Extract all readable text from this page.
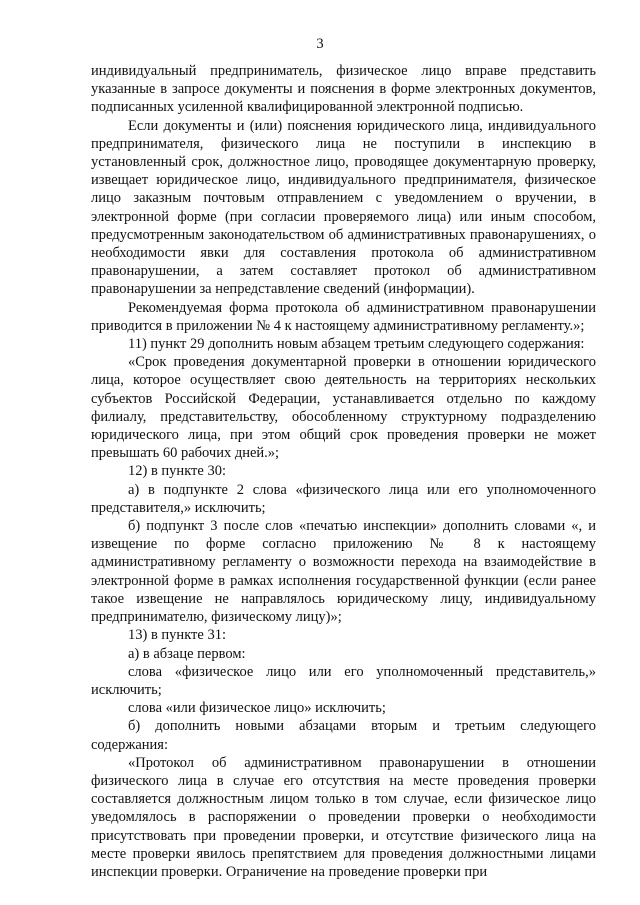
3

индивидуальный предприниматель, физическое лицо вправе представить указанные в запросе документы и пояснения в форме электронных документов, подписанных усиленной квалифицированной электронной подписью.

Если документы и (или) пояснения юридического лица, индивидуального предпринимателя, физического лица не поступили в инспекцию в установленный срок, должностное лицо, проводящее документарную проверку, извещает юридическое лицо, индивидуального предпринимателя, физическое лицо заказным почтовым отправлением с уведомлением о вручении, в электронной форме (при согласии проверяемого лица) или иным способом, предусмотренным законодательством об административных правонарушениях, о необходимости явки для составления протокола об административном правонарушении, а затем составляет протокол об административном правонарушении за непредставление сведений (информации).

Рекомендуемая форма протокола об административном правонарушении приводится в приложении № 4 к настоящему административному регламенту.»;

11) пункт 29 дополнить новым абзацем третьим следующего содержания:

«Срок проведения документарной проверки в отношении юридического лица, которое осуществляет свою деятельность на территориях нескольких субъектов Российской Федерации, устанавливается отдельно по каждому филиалу, представительству, обособленному структурному подразделению юридического лица, при этом общий срок проведения проверки не может превышать 60 рабочих дней.»;

12) в пункте 30:

а) в подпункте 2 слова «физического лица или его уполномоченного представителя,» исключить;

б) подпункт 3 после слов «печатью инспекции» дополнить словами «, и извещение по форме согласно приложению № 8 к настоящему административному регламенту о возможности перехода на взаимодействие в электронной форме в рамках исполнения государственной функции (если ранее такое извещение не направлялось юридическому лицу, индивидуальному предпринимателю, физическому лицу)»;

13) в пункте 31:

а) в абзаце первом:

слова «физическое лицо или его уполномоченный представитель,» исключить;

слова «или физическое лицо» исключить;

б) дополнить новыми абзацами вторым и третьим следующего содержания:

«Протокол об административном правонарушении в отношении физического лица в случае его отсутствия на месте проведения проверки составляется должностным лицом только в том случае, если физическое лицо уведомлялось в распоряжении о проведении проверки о необходимости присутствовать при проведении проверки, и отсутствие физического лица на месте проверки явилось препятствием для проведения должностными лицами инспекции проверки. Ограничение на проведение проверки при
